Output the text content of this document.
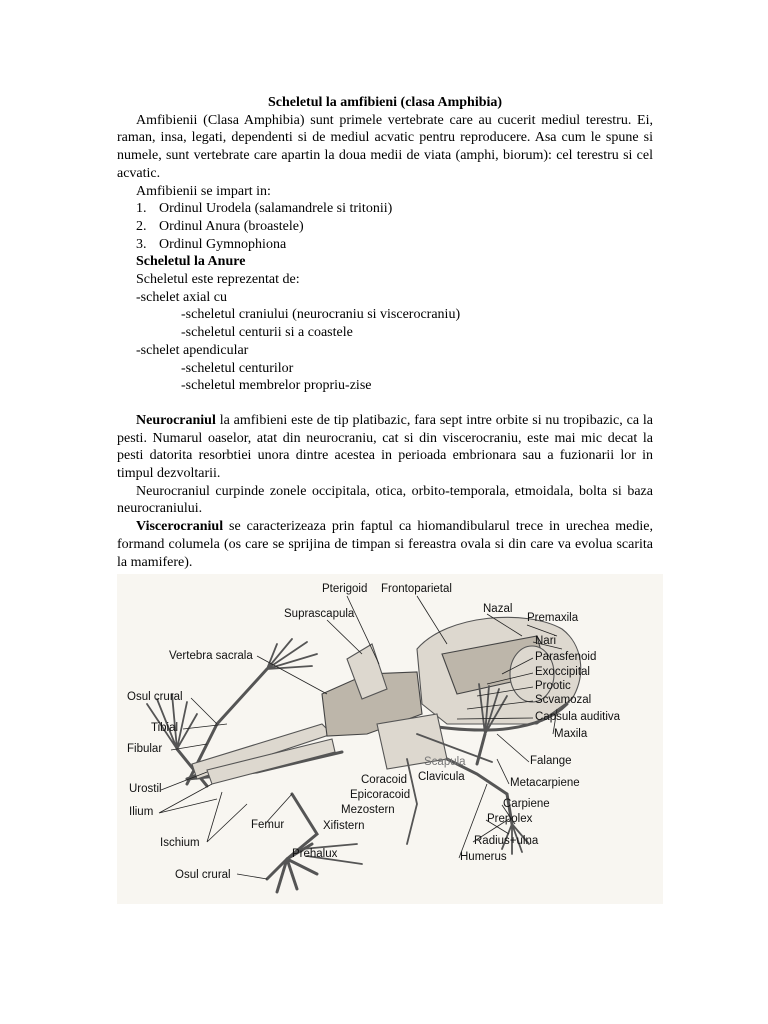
Scheletul la amfibieni (clasa Amphibia)

Amfibienii (Clasa Amphibia) sunt primele vertebrate care au cucerit mediul terestru. Ei, raman, insa, legati, dependenti si de mediul acvatic pentru reproducere. Asa cum le spune si numele, sunt vertebrate care apartin la doua medii de viata (amphi, biorum): cel terestru si cel acvatic.

Amfibienii se impart in:

1. Ordinul Urodela (salamandrele si tritonii)

2. Ordinul Anura (broastele)

3. Ordinul Gymnophiona

Scheletul la Anure

Scheletul este reprezentat de:

-schelet axial cu

-scheletul craniului (neurocraniu si viscerocraniu)

-scheletul centurii si a coastele

-schelet apendicular

-scheletul centurilor

-scheletul membrelor propriu-zise

Neurocraniul la amfibieni este de tip platibazic, fara sept intre orbite si nu tropibazic, ca la pesti. Numarul oaselor, atat din neurocraniu, cat si din viscerocraniu, este mai mic decat la pesti datorita resorbtiei unora dintre acestea in perioada embrionara sau a fuzionarii lor in timpul dezvoltarii.

Neurocraniul curpinde zonele occipitala, otica, orbito-temporala, etmoidala, bolta si baza neurocraniului.

Viscerocraniul se caracterizeaza prin faptul ca hiomandibularul trece in urechea medie, formand columela (os care se sprijina de timpan si fereastra ovala si din care va evolua scarita la mamifere).

Pterigoid Frontoparietal
Nazal
Suprascapula	Premaxila
Nari
Vertebra sacrala	Parasfenoid
Exoccipital
Prootic
Osul crural	Scvamozal
Capsula auditiva
Tibial	Maxila
Fibular
Scapula	Falange
Clavicula
Coracoid	Metacarpiene
Urostil	Epicoracoid
Ilium	Mezostern	Carpiene
Femur	Xifistern
Prepolex
Ischium	Radius+ulna
Prehalux	Humerus
Osul crural
